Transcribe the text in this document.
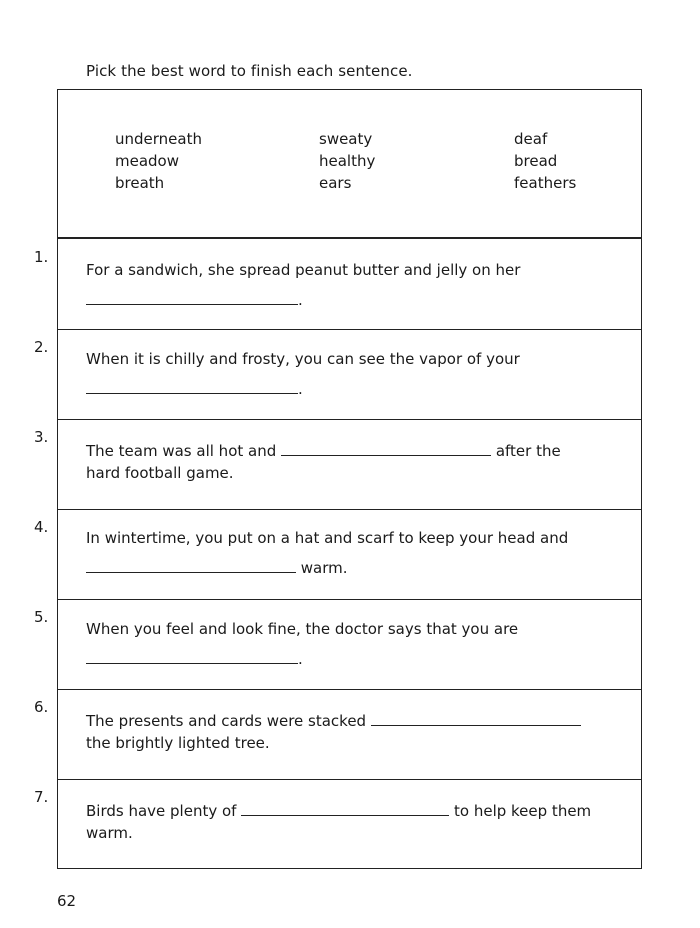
Pick the best word to finish each sentence.
1.
2.
3.
4.
5.
6.
7.
underneath
meadow
breath
sweaty
healthy
ears
deaf
bread
feathers
For a sandwich, she spread peanut butter and jelly on her
.
When it is chilly and frosty, you can see the vapor of your
.
The team was all hot and	after the
hard football game.
In wintertime, you put on a hat and scarf to keep your head and
warm.
When you feel and look fine, the doctor says that you are
.
The presents and cards were stacked
the brightly lighted tree.
Birds have plenty of	to help keep them
warm.
62
